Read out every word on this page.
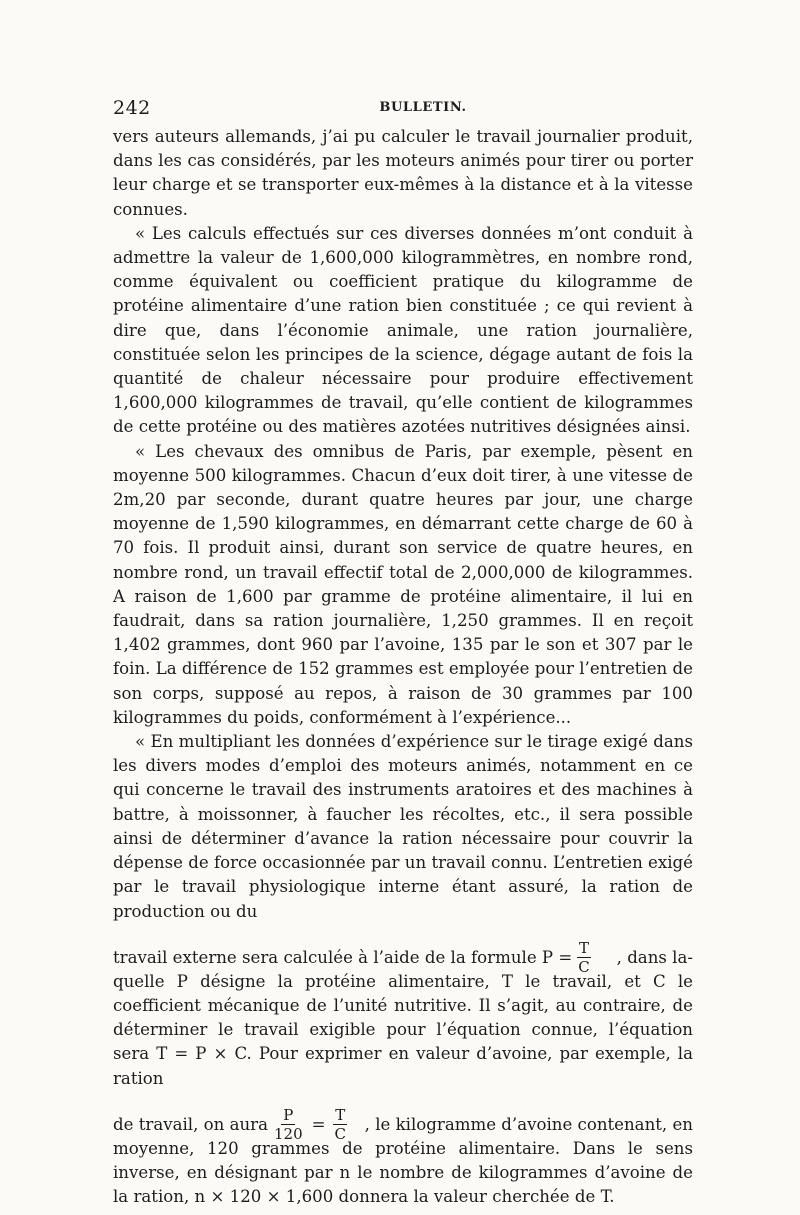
242	BULLETIN.

vers auteurs allemands, j’ai pu calculer le travail journalier produit, dans les cas considérés, par les moteurs animés pour tirer ou porter leur charge et se transporter eux-mêmes à la distance et à la vitesse connues.

« Les calculs effectués sur ces diverses données m’ont conduit à admettre la valeur de 1,600,000 kilogrammètres, en nombre rond, comme équivalent ou coefficient pratique du kilogramme de protéine alimentaire d’une ration bien constituée ; ce qui revient à dire que, dans l’économie animale, une ration journalière, constituée selon les principes de la science, dégage autant de fois la quantité de chaleur nécessaire pour produire effectivement 1,600,000 kilogrammes de travail, qu’elle contient de kilogrammes de cette protéine ou des matières azotées nutritives désignées ainsi.

« Les chevaux des omnibus de Paris, par exemple, pèsent en moyenne 500 kilogrammes. Chacun d’eux doit tirer, à une vitesse de 2m,20 par seconde, durant quatre heures par jour, une charge moyenne de 1,590 kilogrammes, en démarrant cette charge de 60 à 70 fois. Il produit ainsi, durant son service de quatre heures, en nombre rond, un travail effectif total de 2,000,000 de kilogrammes. A raison de 1,600 par gramme de protéine alimentaire, il lui en faudrait, dans sa ration journalière, 1,250 grammes. Il en reçoit 1,402 grammes, dont 960 par l’avoine, 135 par le son et 307 par le foin. La différence de 152 grammes est employée pour l’entretien de son corps, supposé au repos, à raison de 30 grammes par 100 kilogrammes du poids, conformément à l’expérience...

« En multipliant les données d’expérience sur le tirage exigé dans les divers modes d’emploi des moteurs animés, notamment en ce qui concerne le travail des instruments aratoires et des machines à battre, à moissonner, à faucher les récoltes, etc., il sera possible ainsi de déterminer d’avance la ration nécessaire pour couvrir la dépense de force occasionnée par un travail connu. L’entretien exigé par le travail physiologique interne étant assuré, la ration de production ou du

travail externe sera calculée à l’aide de la formule $P = \frac{T}{C}$ , dans la-

quelle P désigne la protéine alimentaire, T le travail, et C le coefficient mécanique de l’unité nutritive. Il s’agit, au contraire, de déterminer le travail exigible pour l’équation connue, l’équation sera T = P × C. Pour exprimer en valeur d’avoine, par exemple, la ration

de travail, on aura $\frac{P}{120} = \frac{T}{C}$ , le kilogramme d’avoine contenant, en

moyenne, 120 grammes de protéine alimentaire. Dans le sens inverse, en désignant par n le nombre de kilogrammes d’avoine de la ration, n × 120 × 1,600 donnera la valeur cherchée de T.
